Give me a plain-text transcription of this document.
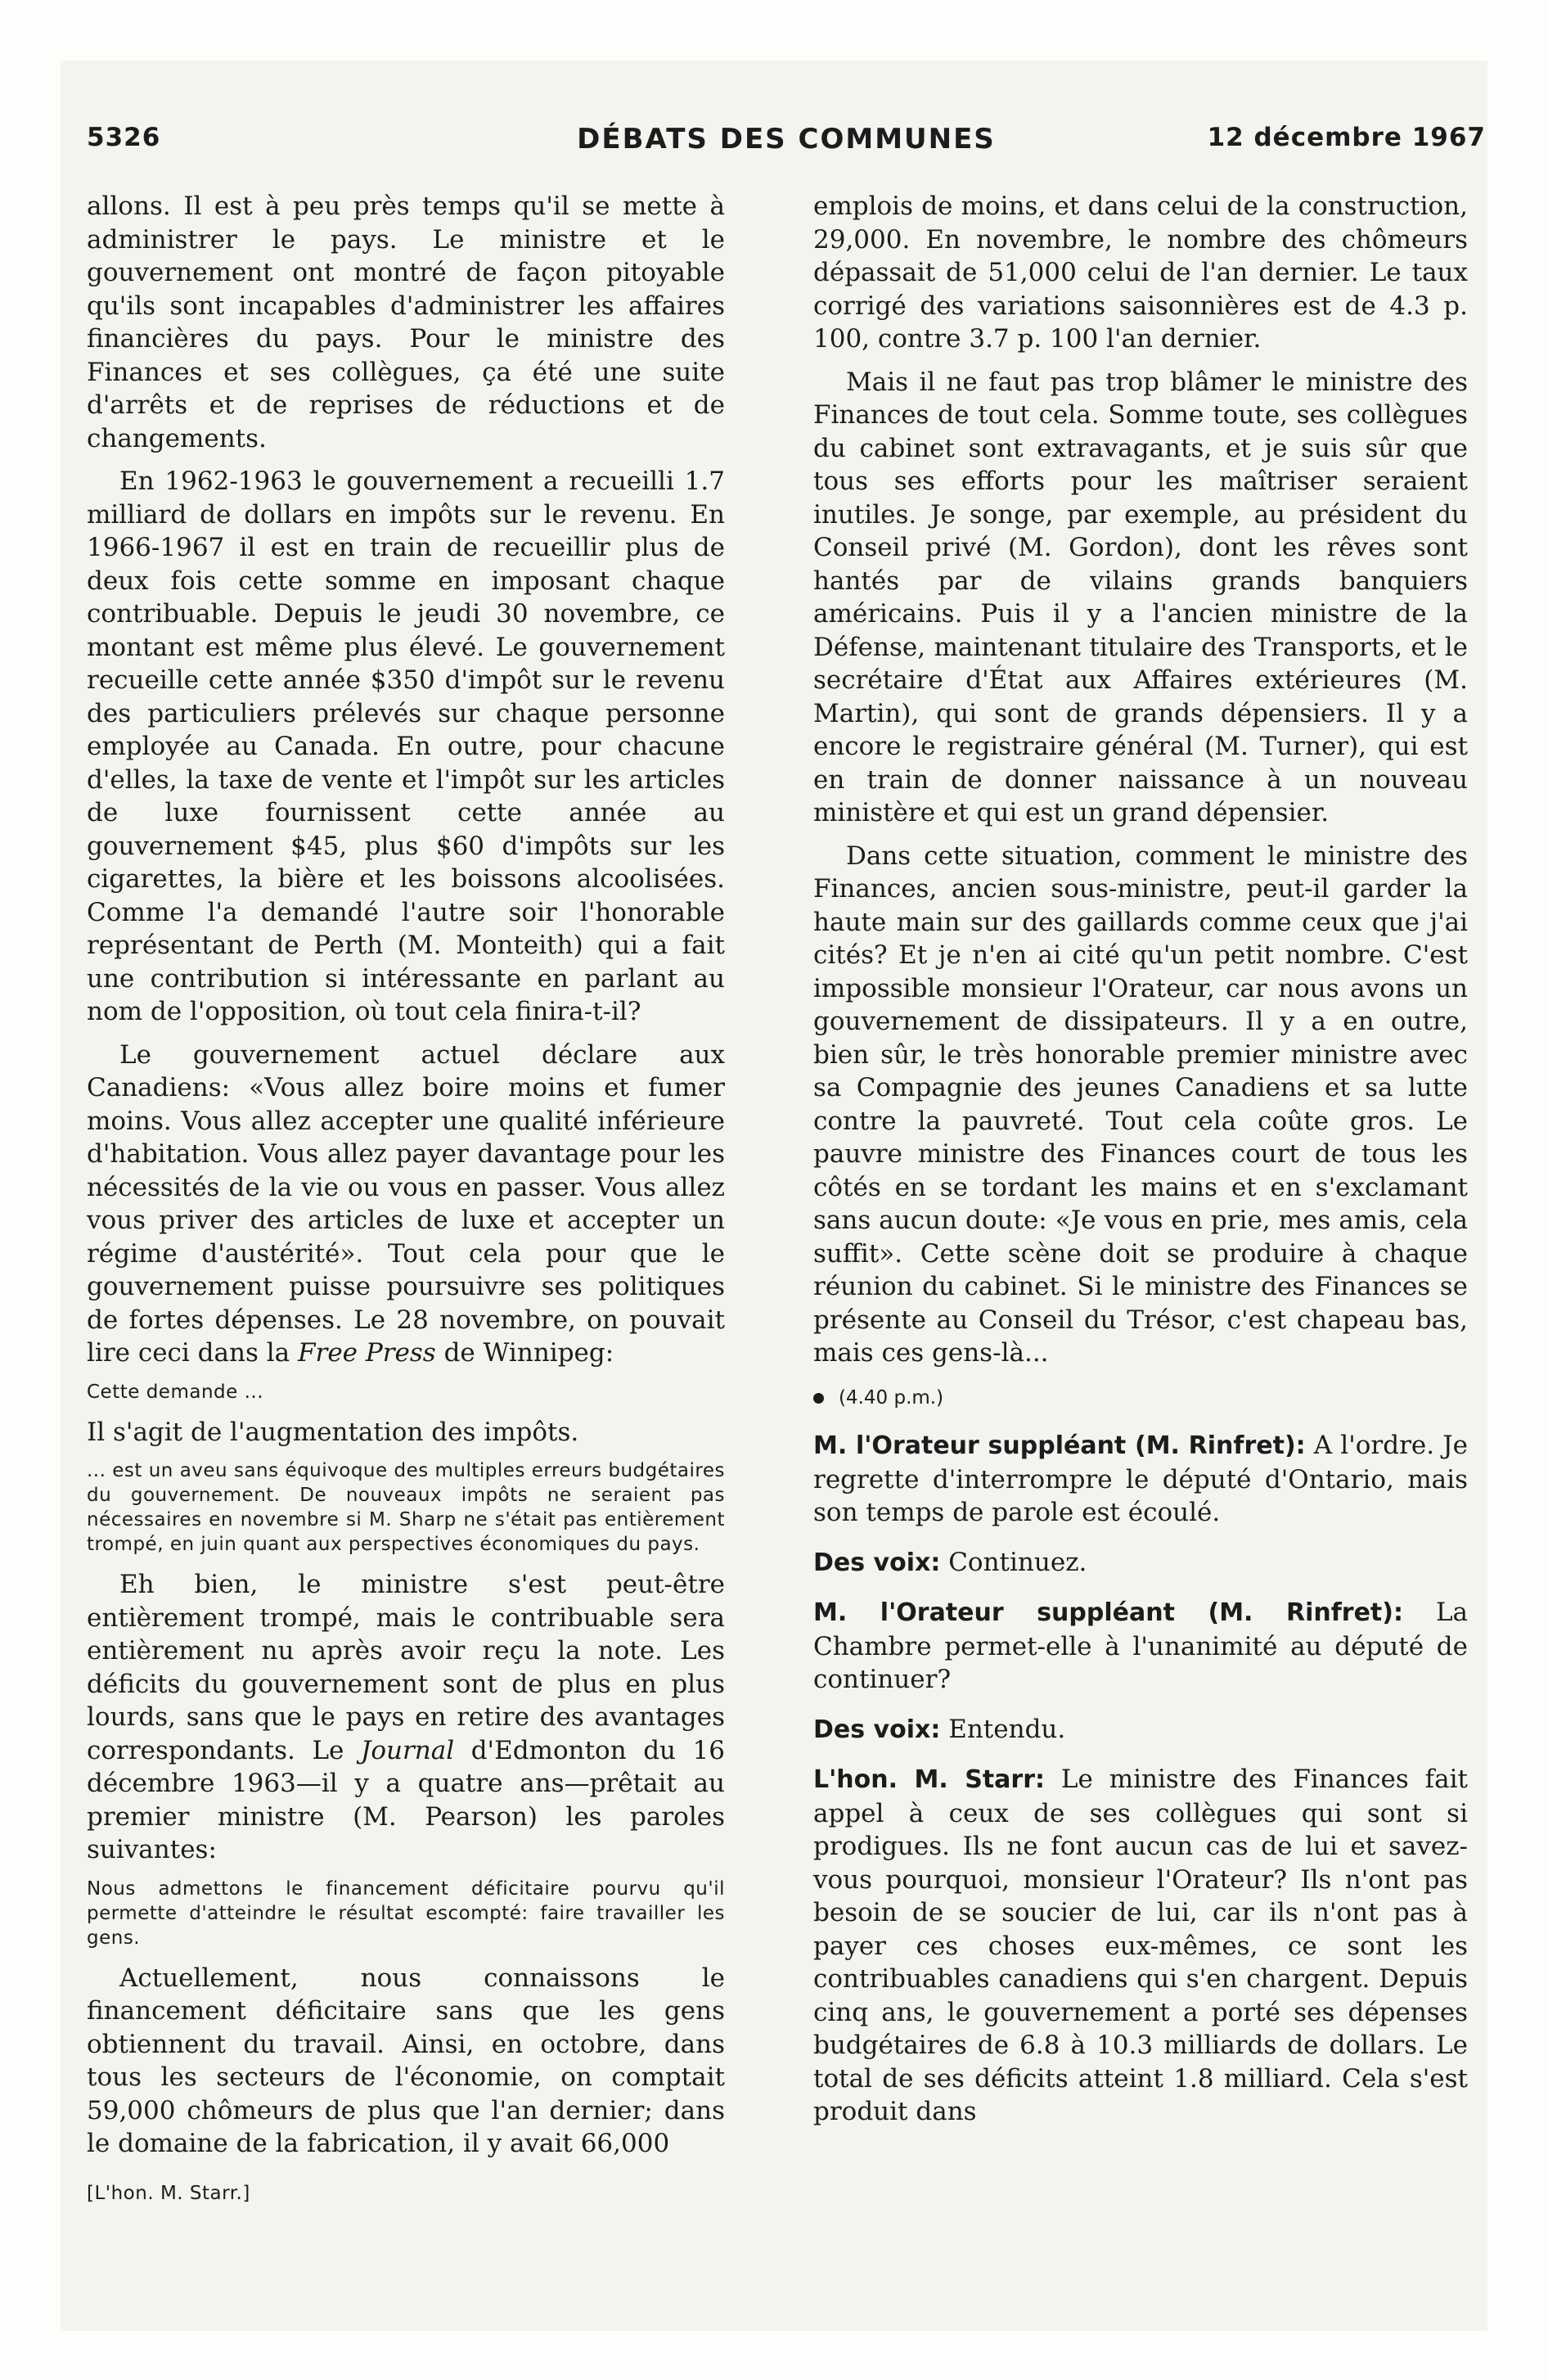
5326	DÉBATS DES COMMUNES	12 décembre 1967

allons. Il est à peu près temps qu'il se mette à administrer le pays. Le ministre et le gouvernement ont montré de façon pitoyable qu'ils sont incapables d'administrer les affaires financières du pays. Pour le ministre des Finances et ses collègues, ça été une suite d'arrêts et de reprises de réductions et de changements.

En 1962-1963 le gouvernement a recueilli 1.7 milliard de dollars en impôts sur le revenu. En 1966-1967 il est en train de recueillir plus de deux fois cette somme en imposant chaque contribuable. Depuis le jeudi 30 novembre, ce montant est même plus élevé. Le gouvernement recueille cette année $350 d'impôt sur le revenu des particuliers prélevés sur chaque personne employée au Canada. En outre, pour chacune d'elles, la taxe de vente et l'impôt sur les articles de luxe fournissent cette année au gouvernement $45, plus $60 d'impôts sur les cigarettes, la bière et les boissons alcoolisées. Comme l'a demandé l'autre soir l'honorable représentant de Perth (M. Monteith) qui a fait une contribution si intéressante en parlant au nom de l'opposition, où tout cela finira-t-il?

Le gouvernement actuel déclare aux Canadiens: «Vous allez boire moins et fumer moins. Vous allez accepter une qualité inférieure d'habitation. Vous allez payer davantage pour les nécessités de la vie ou vous en passer. Vous allez vous priver des articles de luxe et accepter un régime d'austérité». Tout cela pour que le gouvernement puisse poursuivre ses politiques de fortes dépenses. Le 28 novembre, on pouvait lire ceci dans la Free Press de Winnipeg:

Cette demande ...

Il s'agit de l'augmentation des impôts.

... est un aveu sans équivoque des multiples erreurs budgétaires du gouvernement. De nouveaux impôts ne seraient pas nécessaires en novembre si M. Sharp ne s'était pas entièrement trompé, en juin quant aux perspectives économiques du pays.

Eh bien, le ministre s'est peut-être entièrement trompé, mais le contribuable sera entièrement nu après avoir reçu la note. Les déficits du gouvernement sont de plus en plus lourds, sans que le pays en retire des avantages correspondants. Le Journal d'Edmonton du 16 décembre 1963—il y a quatre ans—prêtait au premier ministre (M. Pearson) les paroles suivantes:

Nous admettons le financement déficitaire pourvu qu'il permette d'atteindre le résultat escompté: faire travailler les gens.

Actuellement, nous connaissons le financement déficitaire sans que les gens obtiennent du travail. Ainsi, en octobre, dans tous les secteurs de l'économie, on comptait 59,000 chômeurs de plus que l'an dernier; dans le domaine de la fabrication, il y avait 66,000

[L'hon. M. Starr.]

emplois de moins, et dans celui de la construction, 29,000. En novembre, le nombre des chômeurs dépassait de 51,000 celui de l'an dernier. Le taux corrigé des variations saisonnières est de 4.3 p. 100, contre 3.7 p. 100 l'an dernier.

Mais il ne faut pas trop blâmer le ministre des Finances de tout cela. Somme toute, ses collègues du cabinet sont extravagants, et je suis sûr que tous ses efforts pour les maîtriser seraient inutiles. Je songe, par exemple, au président du Conseil privé (M. Gordon), dont les rêves sont hantés par de vilains grands banquiers américains. Puis il y a l'ancien ministre de la Défense, maintenant titulaire des Transports, et le secrétaire d'État aux Affaires extérieures (M. Martin), qui sont de grands dépensiers. Il y a encore le registraire général (M. Turner), qui est en train de donner naissance à un nouveau ministère et qui est un grand dépensier.

Dans cette situation, comment le ministre des Finances, ancien sous-ministre, peut-il garder la haute main sur des gaillards comme ceux que j'ai cités? Et je n'en ai cité qu'un petit nombre. C'est impossible monsieur l'Orateur, car nous avons un gouvernement de dissipateurs. Il y a en outre, bien sûr, le très honorable premier ministre avec sa Compagnie des jeunes Canadiens et sa lutte contre la pauvreté. Tout cela coûte gros. Le pauvre ministre des Finances court de tous les côtés en se tordant les mains et en s'exclamant sans aucun doute: «Je vous en prie, mes amis, cela suffit». Cette scène doit se produire à chaque réunion du cabinet. Si le ministre des Finances se présente au Conseil du Trésor, c'est chapeau bas, mais ces gens-là...

(4.40 p.m.)

M. l'Orateur suppléant (M. Rinfret): A l'ordre. Je regrette d'interrompre le député d'Ontario, mais son temps de parole est écoulé.

Des voix: Continuez.

M. l'Orateur suppléant (M. Rinfret): La Chambre permet-elle à l'unanimité au député de continuer?

Des voix: Entendu.

L'hon. M. Starr: Le ministre des Finances fait appel à ceux de ses collègues qui sont si prodigues. Ils ne font aucun cas de lui et savez-vous pourquoi, monsieur l'Orateur? Ils n'ont pas besoin de se soucier de lui, car ils n'ont pas à payer ces choses eux-mêmes, ce sont les contribuables canadiens qui s'en chargent. Depuis cinq ans, le gouvernement a porté ses dépenses budgétaires de 6.8 à 10.3 milliards de dollars. Le total de ses déficits atteint 1.8 milliard. Cela s'est produit dans
